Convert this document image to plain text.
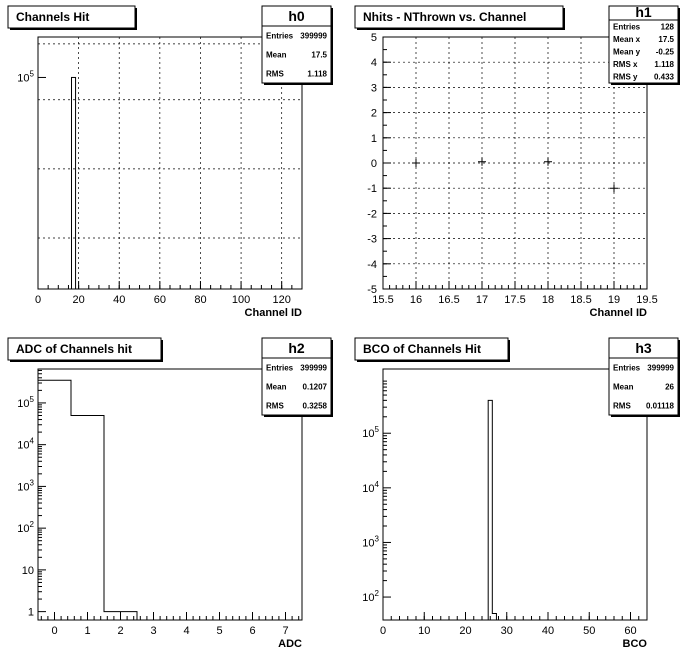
0	20	40	60	80 100 120
$10^5$
Channel ID
Channels Hit	h0
Entries 399999
Mean	17.5
RMS	1.118
15.5 16 16.5 17 17.5 18 18.5 19 19.5
-5
-4
-3
-2
-1
0
1
2
3
4
5
Channel ID
Nhits - NThrown vs. Channel	h1
Entries	128
Mean x 17.5
Mean y -0.25
RMS x 1.118
RMS y 0.433
0 1 2 3 4 5 6 7
1
10
$10^2$
$10^3$
$10^4$
$10^5$
ADC
ADC of Channels hit	h2
Entries 399999
Mean 0.1207
RMS 0.3258
0	10	20	30	40	50	60
$10^2$
$10^3$
$10^4$
$10^5$
BCO
BCO of Channels Hit	h3
Entries 399999
Mean	26
RMS 0.01118
